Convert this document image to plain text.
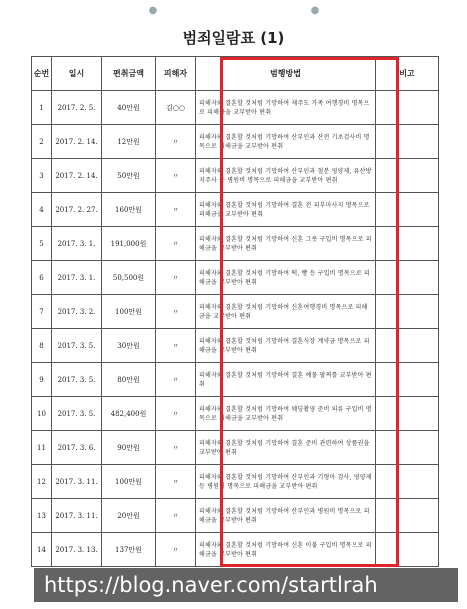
●	●
범죄일람표 (1)
순번	일시	편취금액	피해자	범행방법	비고
1	2017. 2. 5.	40만원	김○○	피해자와 결혼할 것처럼 기망하여 제주도 가족 여행경비 명목으로 피해금을 교부받아 편취	
2	2017. 2. 14.	12만원	〃	피해자와 결혼할 것처럼 기망하여 산부인과 산전 기초검사비 명목으로 피해금을 교부받아 편취	
3	2017. 2. 14.	50만원	〃	피해자와 결혼할 것처럼 기망하여 산부인과 철분 영양제, 유산방지주사 등 병원비 명목으로 피해금을 교부받아 편취	
4	2017. 2. 27.	160만원	〃	피해자와 결혼할 것처럼 기망하여 결혼 전 피부마사지 명목으로 피해금을 교부받아 편취	
5	2017. 3. 1.	191,000원	〃	피해자와 결혼할 것처럼 기망하여 신혼 그릇 구입비 명목으로 피해금을 교부받아 편취	
6	2017. 3. 1.	50,500원	〃	피해자와 결혼할 것처럼 기망하여 떡, 빵 등 구입비 명목으로 피해금을 교부받아 편취	
7	2017. 3. 2.	100만원	〃	피해자와 결혼할 것처럼 기망하여 신혼여행경비 명목으로 피해금을 교부받아 편취	
8	2017. 3. 5.	30만원	〃	피해자와 결혼할 것처럼 기망하여 결혼식장 계약금 명목으로 피해금을 교부받아 편취	
9	2017. 3. 5.	80만원	〃	피해자와 결혼할 것처럼 기망하여 결혼 예물 팔찌를 교부받아 편취	
10	2017. 3. 5.	482,400원	〃	피해자와 결혼할 것처럼 기망하여 웨딩촬영 준비 의류 구입비 명목으로 피해금을 교부받아 편취	
11	2017. 3. 6.	90만원	〃	피해자와 결혼할 것처럼 기망하여 결혼 준비 관련하여 상품권을 교부받아 편취	
12	2017. 3. 11.	100만원	〃	피해자와 결혼할 것처럼 기망하여 산부인과 기형아 검사, 영양제 등 병원비 명목으로 피해금을 교부받아 편취	
13	2017. 3. 11.	20만원	〃	피해자와 결혼할 것처럼 기망하여 산부인과 병원비 명목으로 피해금을 교부받아 편취	
14	2017. 3. 13.	137만원	〃	피해자와 결혼할 것처럼 기망하여 신혼 이불 구입비 명목으로 피해금을 교부받아 편취	
https://blog.naver.com/startlrah
